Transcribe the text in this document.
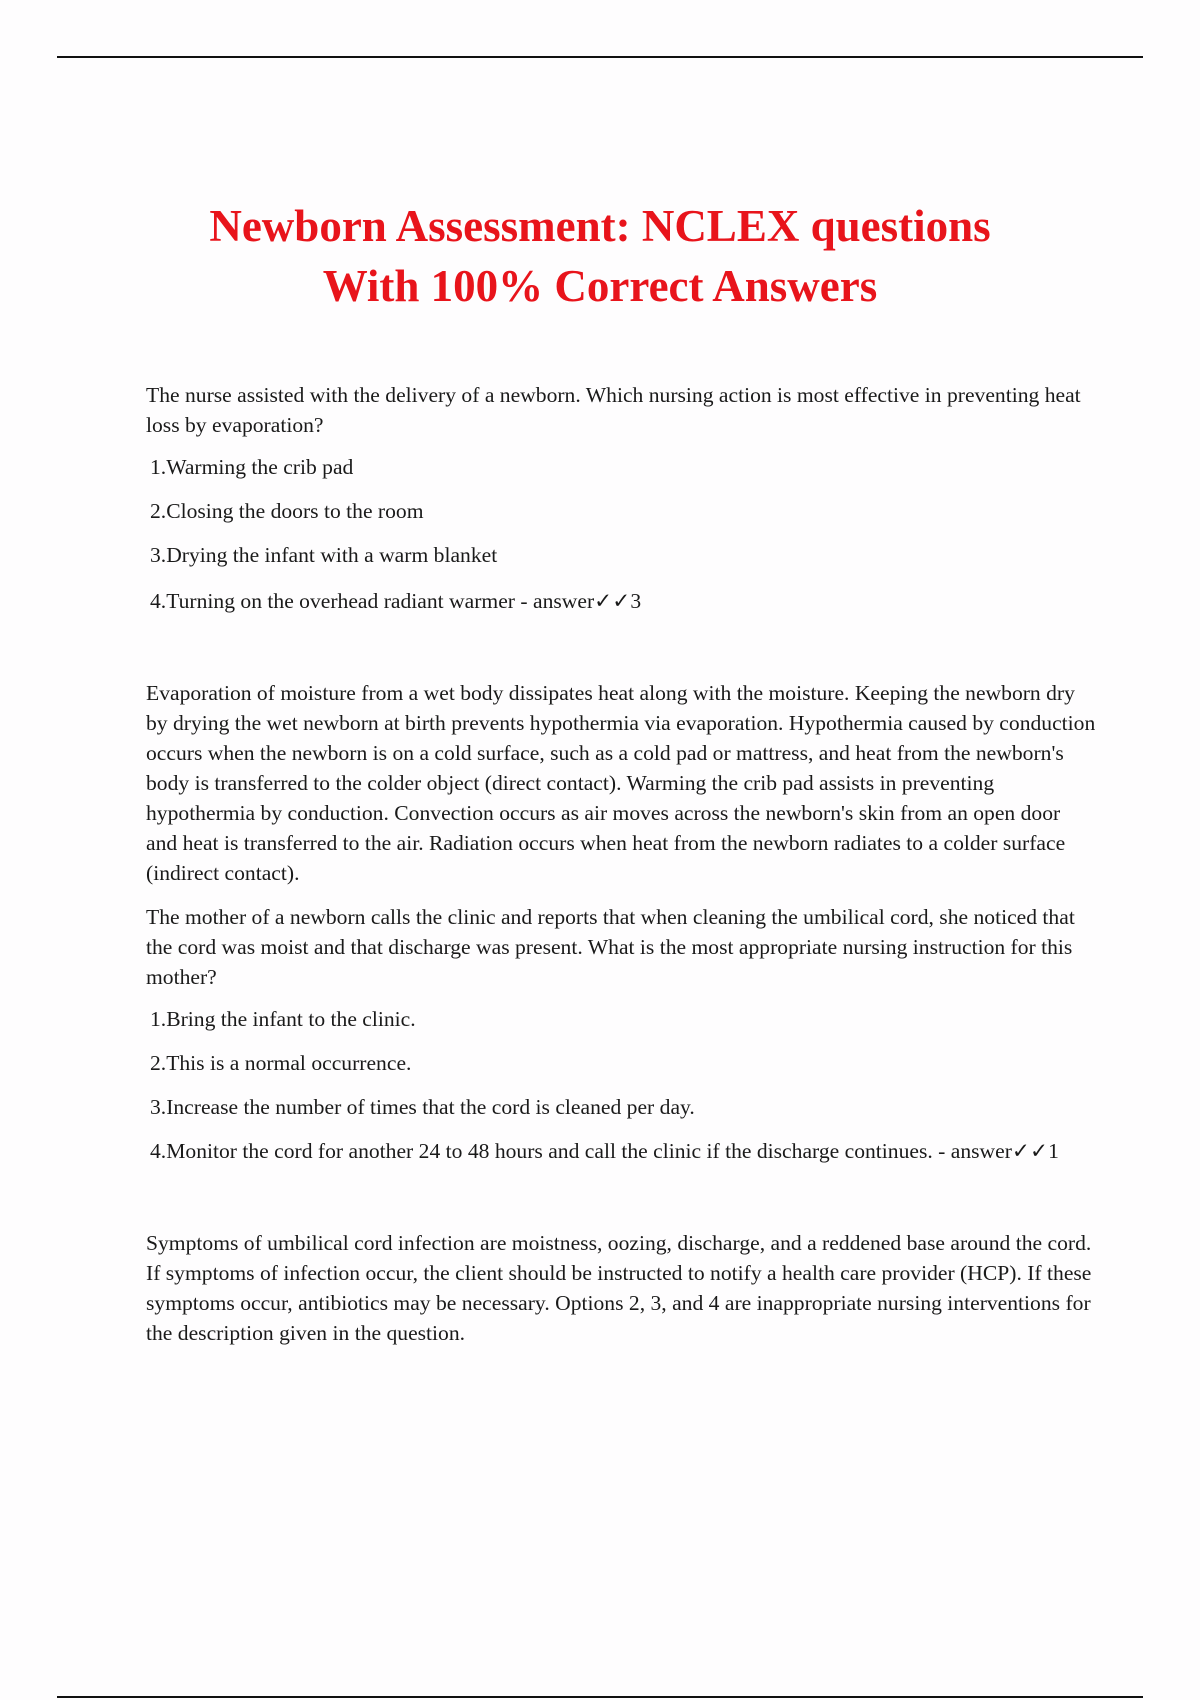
Newborn Assessment: NCLEX questions
With 100% Correct Answers

The nurse assisted with the delivery of a newborn. Which nursing action is most effective in preventing heat loss by evaporation?

1.Warming the crib pad

2.Closing the doors to the room

3.Drying the infant with a warm blanket

4.Turning on the overhead radiant warmer - answer✓✓3

Evaporation of moisture from a wet body dissipates heat along with the moisture. Keeping the newborn dry by drying the wet newborn at birth prevents hypothermia via evaporation. Hypothermia caused by conduction occurs when the newborn is on a cold surface, such as a cold pad or mattress, and heat from the newborn's body is transferred to the colder object (direct contact). Warming the crib pad assists in preventing hypothermia by conduction. Convection occurs as air moves across the newborn's skin from an open door and heat is transferred to the air. Radiation occurs when heat from the newborn radiates to a colder surface (indirect contact).

The mother of a newborn calls the clinic and reports that when cleaning the umbilical cord, she noticed that the cord was moist and that discharge was present. What is the most appropriate nursing instruction for this mother?

1.Bring the infant to the clinic.

2.This is a normal occurrence.

3.Increase the number of times that the cord is cleaned per day.

4.Monitor the cord for another 24 to 48 hours and call the clinic if the discharge continues. - answer✓✓1

Symptoms of umbilical cord infection are moistness, oozing, discharge, and a reddened base around the cord. If symptoms of infection occur, the client should be instructed to notify a health care provider (HCP). If these symptoms occur, antibiotics may be necessary. Options 2, 3, and 4 are inappropriate nursing interventions for the description given in the question.
